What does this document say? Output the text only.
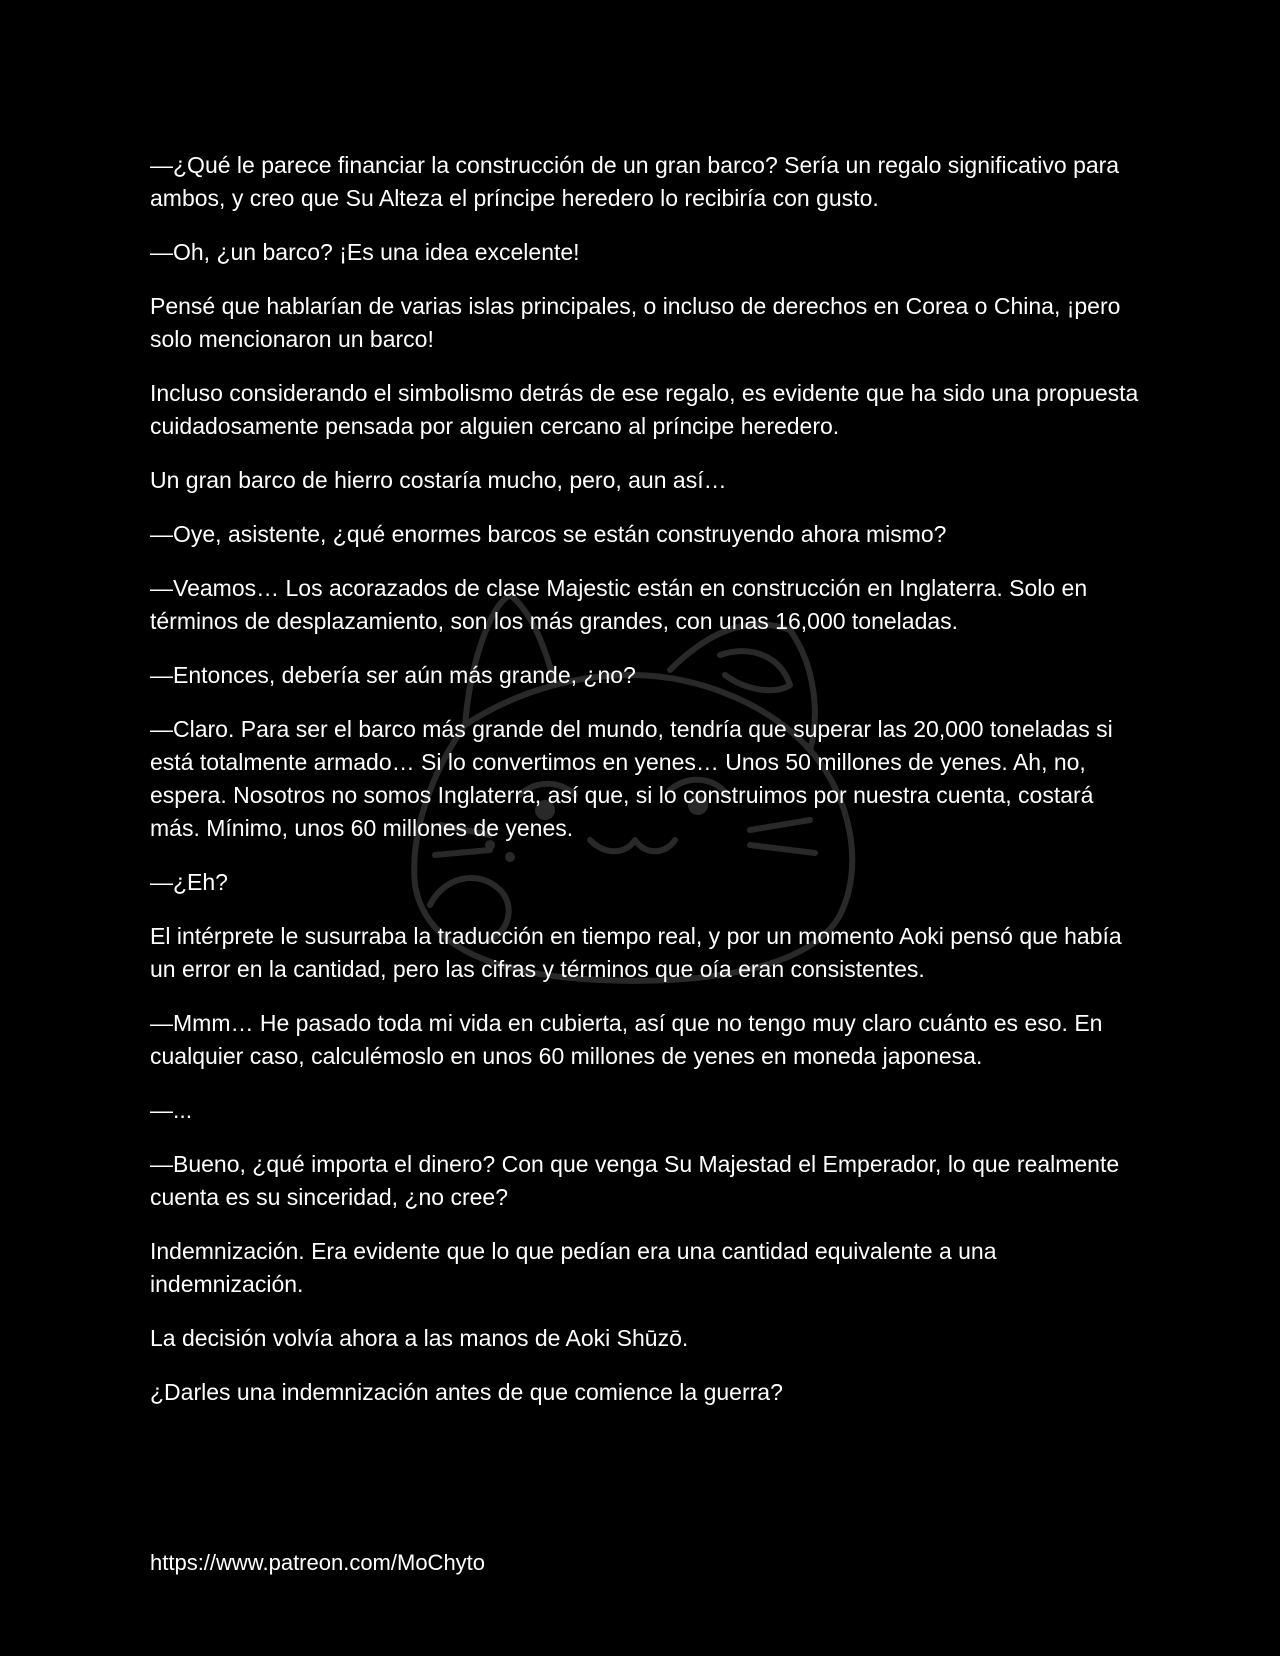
—¿Qué le parece financiar la construcción de un gran barco? Sería un regalo significativo para ambos, y creo que Su Alteza el príncipe heredero lo recibiría con gusto.

—Oh, ¿un barco? ¡Es una idea excelente!

Pensé que hablarían de varias islas principales, o incluso de derechos en Corea o China, ¡pero solo mencionaron un barco!

Incluso considerando el simbolismo detrás de ese regalo, es evidente que ha sido una propuesta cuidadosamente pensada por alguien cercano al príncipe heredero.

Un gran barco de hierro costaría mucho, pero, aun así…

—Oye, asistente, ¿qué enormes barcos se están construyendo ahora mismo?

—Veamos… Los acorazados de clase Majestic están en construcción en Inglaterra. Solo en términos de desplazamiento, son los más grandes, con unas 16,000 toneladas.

—Entonces, debería ser aún más grande, ¿no?

—Claro. Para ser el barco más grande del mundo, tendría que superar las 20,000 toneladas si está totalmente armado… Si lo convertimos en yenes… Unos 50 millones de yenes. Ah, no, espera. Nosotros no somos Inglaterra, así que, si lo construimos por nuestra cuenta, costará más. Mínimo, unos 60 millones de yenes.

—¿Eh?

El intérprete le susurraba la traducción en tiempo real, y por un momento Aoki pensó que había un error en la cantidad, pero las cifras y términos que oía eran consistentes.

—Mmm… He pasado toda mi vida en cubierta, así que no tengo muy claro cuánto es eso. En cualquier caso, calculémoslo en unos 60 millones de yenes en moneda japonesa.

—...

—Bueno, ¿qué importa el dinero? Con que venga Su Majestad el Emperador, lo que realmente cuenta es su sinceridad, ¿no cree?

Indemnización. Era evidente que lo que pedían era una cantidad equivalente a una indemnización.

La decisión volvía ahora a las manos de Aoki Shūzō.

¿Darles una indemnización antes de que comience la guerra?

https://www.patreon.com/MoChyto
